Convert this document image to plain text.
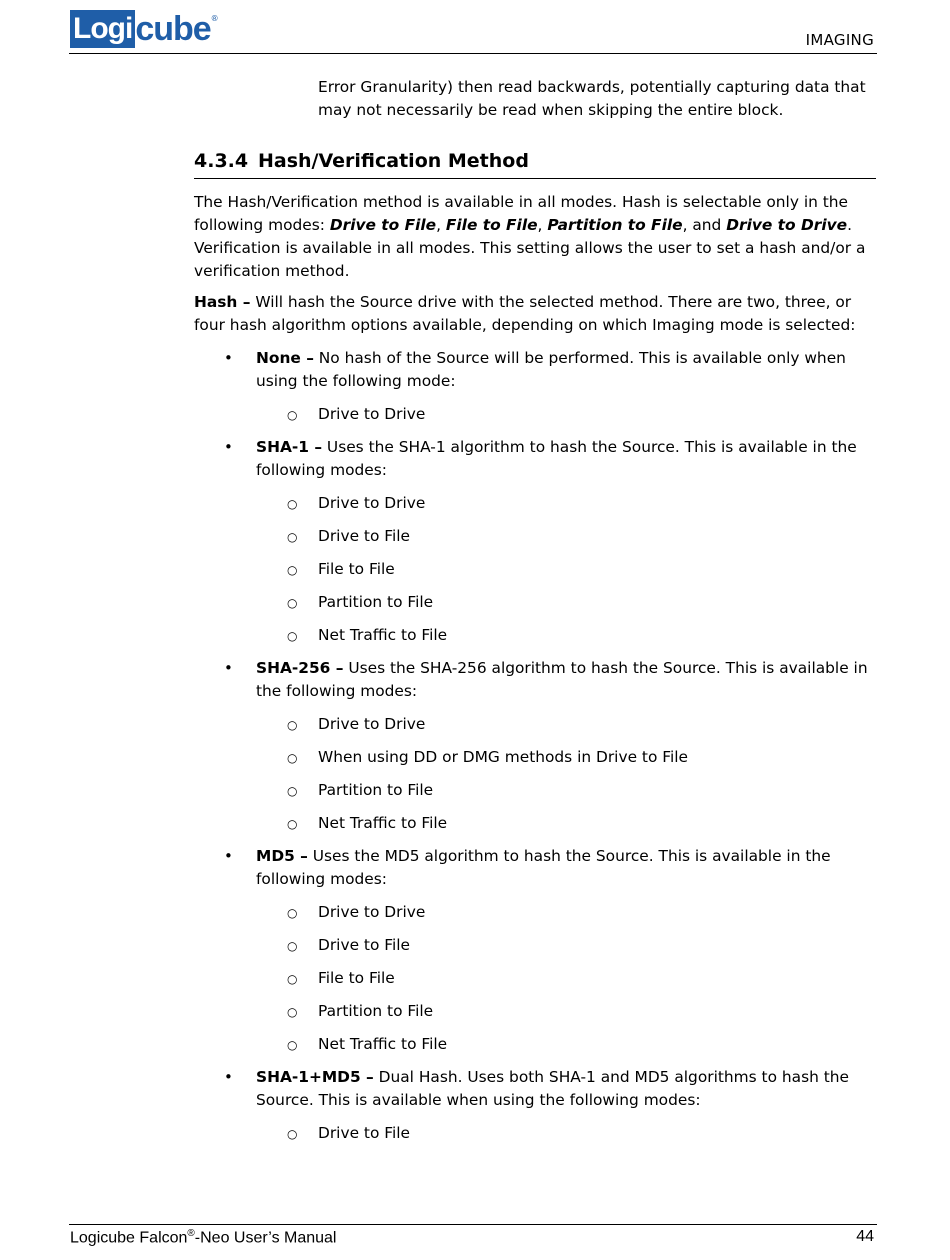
Logi cube ®
IMAGING

Error Granularity) then read backwards, potentially capturing data that may not necessarily be read when skipping the entire block.

4.3.4 Hash/Verification Method

The Hash/Verification method is available in all modes. Hash is selectable only in the following modes: Drive to File, File to File, Partition to File, and Drive to Drive. Verification is available in all modes. This setting allows the user to set a hash and/or a verification method.

Hash – Will hash the Source drive with the selected method. There are two, three, or four hash algorithm options available, depending on which Imaging mode is selected:

• None – No hash of the Source will be performed. This is available only when using the following mode:
○ Drive to Drive
• SHA-1 – Uses the SHA-1 algorithm to hash the Source. This is available in the following modes:
○ Drive to Drive
○ Drive to File
○ File to File
○ Partition to File
○ Net Traffic to File
• SHA-256 – Uses the SHA-256 algorithm to hash the Source. This is available in the following modes:
○ Drive to Drive
○ When using DD or DMG methods in Drive to File
○ Partition to File
○ Net Traffic to File
• MD5 – Uses the MD5 algorithm to hash the Source. This is available in the following modes:
○ Drive to Drive
○ Drive to File
○ File to File
○ Partition to File
○ Net Traffic to File
• SHA-1+MD5 – Dual Hash. Uses both SHA-1 and MD5 algorithms to hash the Source. This is available when using the following modes:
○ Drive to File
Logicube Falcon®-Neo User’s Manual	44
